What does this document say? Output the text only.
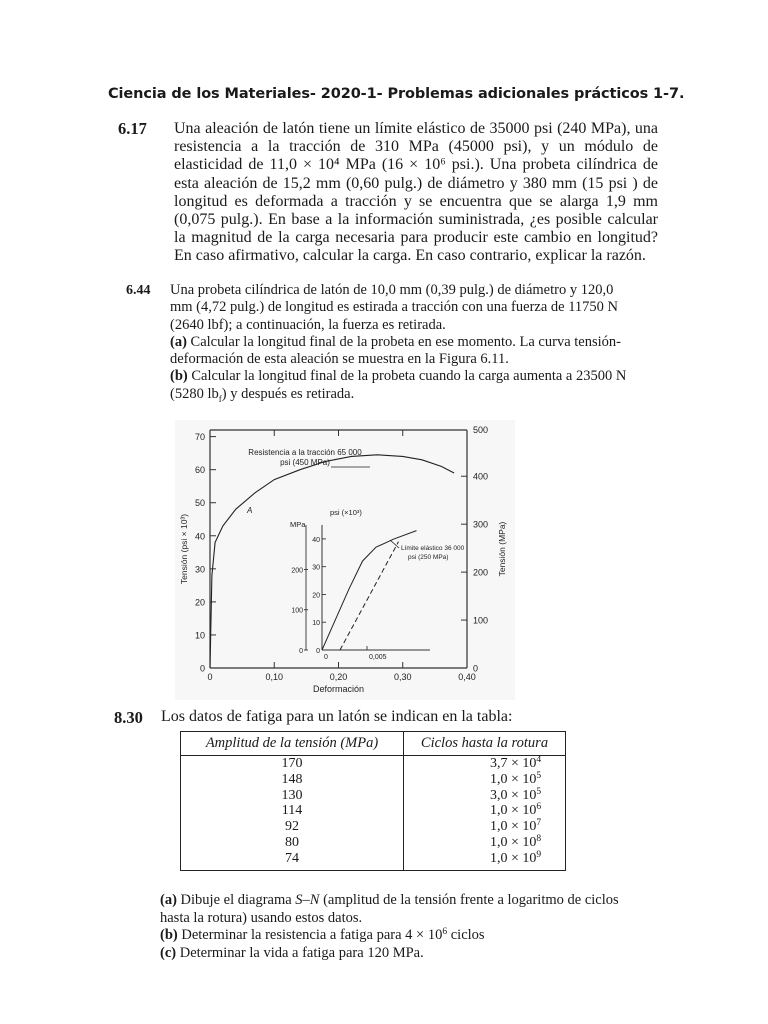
Ciencia de los Materiales- 2020-1- Problemas adicionales prácticos 1-7.
6.17 Una aleación de latón tiene un límite elástico de 35000 psi (240 MPa), una resistencia a la tracción de 310 MPa (45000 psi), y un módulo de elasticidad de 11,0 × 10⁴ MPa (16 × 10⁶ psi.). Una probeta cilíndrica de esta aleación de 15,2 mm (0,60 pulg.) de diámetro y 380 mm (15 psi ) de longitud es deformada a tracción y se encuentra que se alarga 1,9 mm (0,075 pulg.). En base a la información suministrada, ¿es posible calcular la magnitud de la carga necesaria para producir este cambio en longitud? En caso afirmativo, calcular la carga. En caso contrario, explicar la razón.

6.44 Una probeta cilíndrica de latón de 10,0 mm (0,39 pulg.) de diámetro y 120,0 mm (4,72 pulg.) de longitud es estirada a tracción con una fuerza de 11750 N (2640 lbf); a continuación, la fuerza es retirada.

(a) Calcular la longitud final de la probeta en ese momento. La curva tensión-deformación de esta aleación se muestra en la Figura 6.11.

(b) Calcular la longitud final de la probeta cuando la carga aumenta a 23500 N (5280 $lb_f$) y después es retirada.

0
10
20
30
40
50
60
70
0
100
200
300
400
500
0	0,10	0,20	0,30	0,40
Deformación
Tensión (psi × 10³)	Tensión (MPa)
Resistencia a la tracción 65 000
psi (450 MPa)
A	psi (×10³)
MPa
0
10
20
30
40
0
100
200
0	0,005
Límite elástico 36 000
psi (250 MPa)
8.30 Los datos de fatiga para un latón se indican en la tabla:
Amplitud de la tensión (MPa)	Ciclos hasta la rotura
170	$3,7 \times 10^4$
148	$1,0 \times 10^5$
130	$3,0 \times 10^5$
114	$1,0 \times 10^6$
92	$1,0 \times 10^7$
80	$1,0 \times 10^8$
74	$1,0 \times 10^9$

(a) Dibuje el diagrama S–N (amplitud de la tensión frente a logaritmo de ciclos hasta la rotura) usando estos datos.

(b) Determinar la resistencia a fatiga para $4 \times 10^6$ ciclos

(c) Determinar la vida a fatiga para 120 MPa.
